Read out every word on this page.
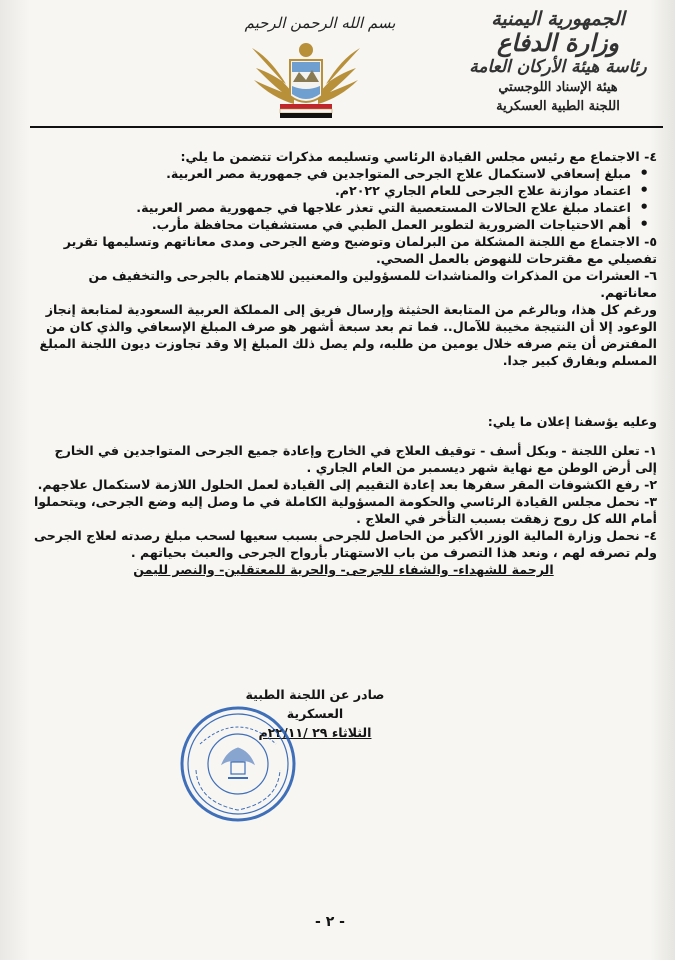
الجمهورية اليمنية
وزارة الدفاع
رئاسة هيئة الأركان العامة
هيئة الإسناد اللوجستي
اللجنة الطبية العسكرية
بسم الله الرحمن الرحيم

٤- الاجتماع مع رئيس مجلس القيادة الرئاسي وتسليمه مذكرات تتضمن ما يلي:

• مبلغ إسعافي لاستكمال علاج الجرحى المتواجدين في جمهورية مصر العربية.
• اعتماد موازنة علاج الجرحى للعام الجاري ٢٠٢٢م.
• اعتماد مبلغ علاج الحالات المستعصية التي تعذر علاجها في جمهورية مصر العربية.
• أهم الاحتياجات الضرورية لتطوير العمل الطبي في مستشفيات محافظة مأرب.

٥- الاجتماع مع اللجنة المشكلة من البرلمان وتوضيح وضع الجرحى ومدى معاناتهم وتسليمها تقرير تفصيلي مع مقترحات للنهوض بالعمل الصحي.

٦- العشرات من المذكرات والمناشدات للمسؤولين والمعنيين للاهتمام بالجرحى والتخفيف من معاناتهم.

ورغم كل هذا، وبالرغم من المتابعة الحثيثة وإرسال فريق إلى المملكة العربية السعودية لمتابعة إنجاز الوعود إلا أن النتيجة مخيبة للآمال.. فما تم بعد سبعة أشهر هو صرف المبلغ الإسعافي والذي كان من المفترض أن يتم صرفه خلال يومين من طلبه، ولم يصل ذلك المبلغ إلا وقد تجاوزت ديون اللجنة المبلغ المسلم وبفارق كبير جدا.

وعليه يؤسفنا إعلان ما يلي:

١- تعلن اللجنة - وبكل أسف - توقيف العلاج في الخارج وإعادة جميع الجرحى المتواجدين في الخارج إلى أرض الوطن مع نهاية شهر ديسمبر من العام الجاري .

٢- رفع الكشوفات المقر سفرها بعد إعادة التقييم إلى القيادة لعمل الحلول اللازمة لاستكمال علاجهم.

٣- نحمل مجلس القيادة الرئاسي والحكومة المسؤولية الكاملة في ما وصل إليه وضع الجرحى، ويتحملوا أمام الله كل روح زهقت بسبب التأخر في العلاج .

٤- نحمل وزارة المالية الوزر الأكبر من الحاصل للجرحى بسبب سعيها لسحب مبلغ رصدته لعلاج الجرحى ولم تصرفه لهم ، ونعد هذا التصرف من باب الاستهتار بأرواح الجرحى والعبث بحياتهم .

الرحمة للشهداء- والشفاء للجرحى- والحرية للمعتقلين- والنصر لليمن

صادر عن اللجنة الطبية العسكرية
الثلاثاء ٢٩ /٢٢/١١م
- ٢ -
